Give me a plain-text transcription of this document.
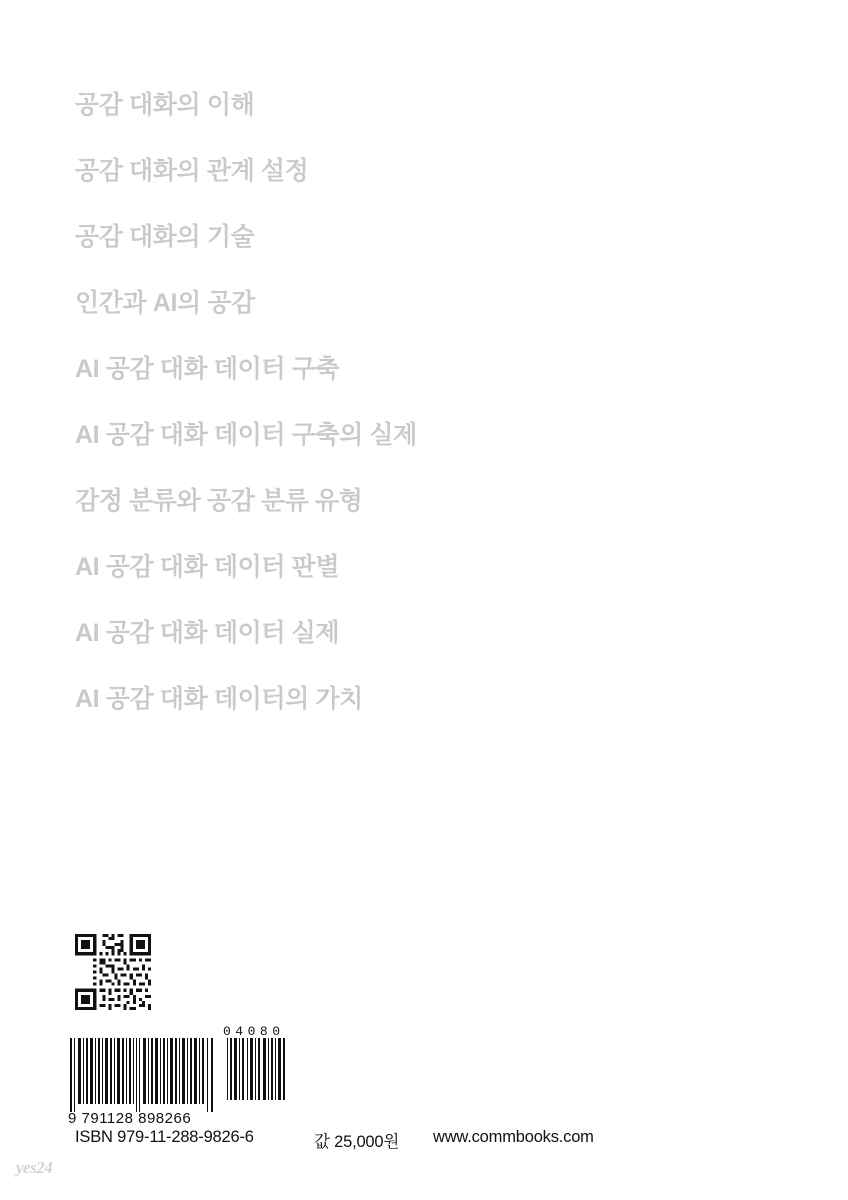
공감 대화의 이해
공감 대화의 관계 설정
공감 대화의 기술
인간과 AI의 공감
AI 공감 대화 데이터 구축
AI 공감 대화 데이터 구축의 실제
감정 분류와 공감 분류 유형
AI 공감 대화 데이터 판별
AI 공감 대화 데이터 실제
AI 공감 대화 데이터의 가치
04080
9 791128 898266
ISBN 979-11-288-9826-6	값 25,000원 www.commbooks.com
yes24
